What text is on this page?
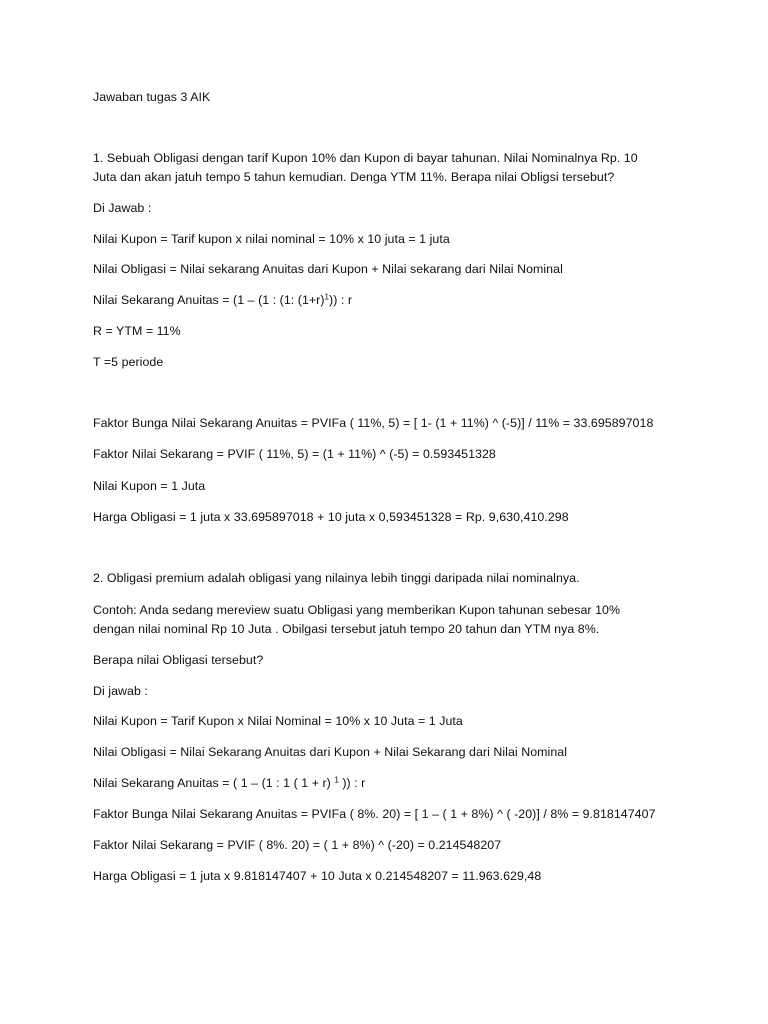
Jawaban tugas 3 AIK
1. Sebuah Obligasi dengan tarif Kupon 10% dan Kupon di bayar tahunan. Nilai Nominalnya Rp. 10
Juta dan akan jatuh tempo 5 tahun kemudian. Denga YTM 11%. Berapa nilai Obligsi tersebut?
Di Jawab :
Nilai Kupon = Tarif kupon x nilai nominal = 10% x 10 juta = 1 juta
Nilai Obligasi = Nilai sekarang Anuitas dari Kupon + Nilai sekarang dari Nilai Nominal
Nilai Sekarang Anuitas = (1 – (1 : (1: $(1+r)^1$)) : r
R = YTM = 11%
T =5 periode
Faktor Bunga Nilai Sekarang Anuitas = PVIFa ( 11%, 5) = [ 1- (1 + 11%) ^ (-5)] / 11% = 33.695897018
Faktor Nilai Sekarang = PVIF ( 11%, 5) = (1 + 11%) ^ (-5) = 0.593451328
Nilai Kupon = 1 Juta
Harga Obligasi = 1 juta x 33.695897018 + 10 juta x 0,593451328 = Rp. 9,630,410.298
2. Obligasi premium adalah obligasi yang nilainya lebih tinggi daripada nilai nominalnya.
Contoh: Anda sedang mereview suatu Obligasi yang memberikan Kupon tahunan sebesar 10%
dengan nilai nominal Rp 10 Juta . Obilgasi tersebut jatuh tempo 20 tahun dan YTM nya 8%.
Berapa nilai Obligasi tersebut?
Di jawab :
Nilai Kupon = Tarif Kupon x Nilai Nominal = 10% x 10 Juta = 1 Juta
Nilai Obligasi = Nilai Sekarang Anuitas dari Kupon + Nilai Sekarang dari Nilai Nominal
Nilai Sekarang Anuitas = ( 1 – (1 : 1 ( 1 + r) $^1$ )) : r
Faktor Bunga Nilai Sekarang Anuitas = PVIFa ( 8%. 20) = [ 1 – ( 1 + 8%) ^ ( -20)] / 8% = 9.818147407
Faktor Nilai Sekarang = PVIF ( 8%. 20) = ( 1 + 8%) ^ (-20) = 0.214548207
Harga Obligasi = 1 juta x 9.818147407 + 10 Juta x 0.214548207 = 11.963.629,48
